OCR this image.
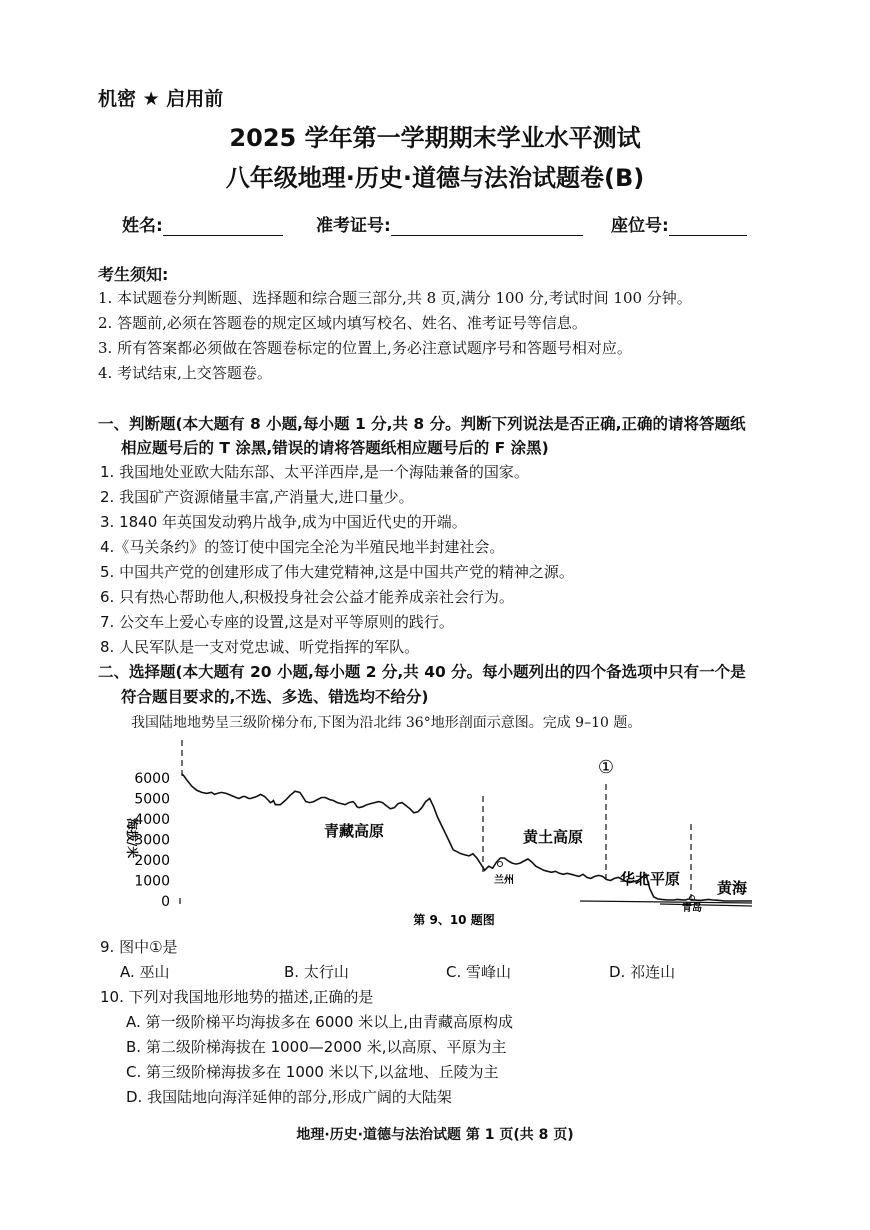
机密 ★ 启用前
2025 学年第一学期期末学业水平测试
八年级地理·历史·道德与法治试题卷(B)
姓名:	准考证号:	座位号:
考生须知:
1. 本试题卷分判断题、选择题和综合题三部分,共 8 页,满分 100 分,考试时间 100 分钟。
2. 答题前,必须在答题卷的规定区域内填写校名、姓名、准考证号等信息。
3. 所有答案都必须做在答题卷标定的位置上,务必注意试题序号和答题号相对应。
4. 考试结束,上交答题卷。
一、判断题(本大题有 8 小题,每小题 1 分,共 8 分。判断下列说法是否正确,正确的请将答题纸
相应题号后的 T 涂黑,错误的请将答题纸相应题号后的 F 涂黑)
1. 我国地处亚欧大陆东部、太平洋西岸,是一个海陆兼备的国家。
2. 我国矿产资源储量丰富,产消量大,进口量少。
3. 1840 年英国发动鸦片战争,成为中国近代史的开端。
4.《马关条约》的签订使中国完全沦为半殖民地半封建社会。
5. 中国共产党的创建形成了伟大建党精神,这是中国共产党的精神之源。
6. 只有热心帮助他人,积极投身社会公益才能养成亲社会行为。
7. 公交车上爱心专座的设置,这是对平等原则的践行。
8. 人民军队是一支对党忠诚、听党指挥的军队。
二、选择题(本大题有 20 小题,每小题 2 分,共 40 分。每小题列出的四个备选项中只有一个是
符合题目要求的,不选、多选、错选均不给分)
我国陆地地势呈三级阶梯分布,下图为沿北纬 36°地形剖面示意图。完成 9–10 题。
海拔/米
6000
5000
4000
3000
2000
1000
0
青藏高原	黄土高原
华北平原 黄海
兰州
青岛
①
第 9、10 题图
9. 图中①是
A. 巫山	B. 太行山	C. 雪峰山	D. 祁连山
10. 下列对我国地形地势的描述,正确的是
A. 第一级阶梯平均海拔多在 6000 米以上,由青藏高原构成
B. 第二级阶梯海拔在 1000—2000 米,以高原、平原为主
C. 第三级阶梯海拔多在 1000 米以下,以盆地、丘陵为主
D. 我国陆地向海洋延伸的部分,形成广阔的大陆架
地理·历史·道德与法治试题 第 1 页(共 8 页)
